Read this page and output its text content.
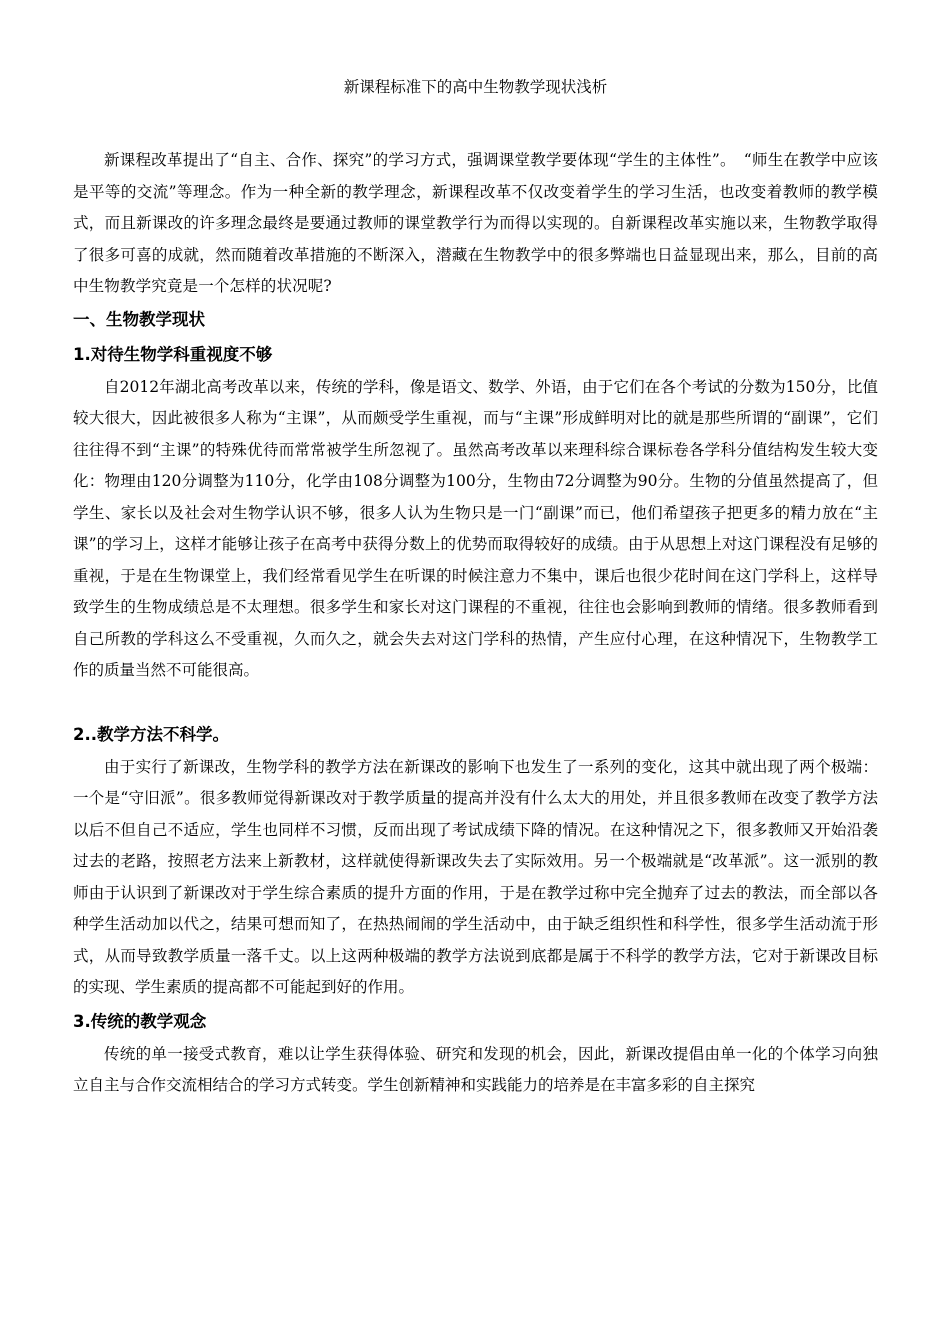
新课程标准下的高中生物教学现状浅析

新课程改革提出了“自主、合作、探究”的学习方式，强调课堂教学要体现“学生的主体性”。　“师生在教学中应该是平等的交流”等理念。作为一种全新的教学理念，新课程改革不仅改变着学生的学习生活，也改变着教师的教学模式，而且新课改的许多理念最终是要通过教师的课堂教学行为而得以实现的。自新课程改革实施以来，生物教学取得了很多可喜的成就，然而随着改革措施的不断深入，潜藏在生物教学中的很多弊端也日益显现出来，那么，目前的高中生物教学究竟是一个怎样的状况呢?

一、生物教学现状

1.对待生物学科重视度不够

自2012年湖北高考改革以来，传统的学科，像是语文、数学、外语，由于它们在各个考试的分数为150分，比值较大很大，因此被很多人称为“主课”，从而颇受学生重视，而与“主课”形成鲜明对比的就是那些所谓的“副课”，它们往往得不到“主课”的特殊优待而常常被学生所忽视了。虽然高考改革以来理科综合课标卷各学科分值结构发生较大变化：物理由120分调整为110分，化学由108分调整为100分，生物由72分调整为90分。生物的分值虽然提高了，但学生、家长以及社会对生物学认识不够，很多人认为生物只是一门“副课”而已，他们希望孩子把更多的精力放在“主课”的学习上，这样才能够让孩子在高考中获得分数上的优势而取得较好的成绩。由于从思想上对这门课程没有足够的重视，于是在生物课堂上，我们经常看见学生在听课的时候注意力不集中，课后也很少花时间在这门学科上，这样导致学生的生物成绩总是不太理想。很多学生和家长对这门课程的不重视，往往也会影响到教师的情绪。很多教师看到自己所教的学科这么不受重视，久而久之，就会失去对这门学科的热情，产生应付心理，在这种情况下，生物教学工作的质量当然不可能很高。

2..教学方法不科学。

由于实行了新课改，生物学科的教学方法在新课改的影响下也发生了一系列的变化，这其中就出现了两个极端：一个是“守旧派”。很多教师觉得新课改对于教学质量的提高并没有什么太大的用处，并且很多教师在改变了教学方法以后不但自己不适应，学生也同样不习惯，反而出现了考试成绩下降的情况。在这种情况之下，很多教师又开始沿袭过去的老路，按照老方法来上新教材，这样就使得新课改失去了实际效用。另一个极端就是“改革派”。这一派别的教师由于认识到了新课改对于学生综合素质的提升方面的作用，于是在教学过称中完全抛弃了过去的教法，而全部以各种学生活动加以代之，结果可想而知了，在热热闹闹的学生活动中，由于缺乏组织性和科学性，很多学生活动流于形式，从而导致教学质量一落千丈。以上这两种极端的教学方法说到底都是属于不科学的教学方法，它对于新课改目标的实现、学生素质的提高都不可能起到好的作用。

3.传统的教学观念

传统的单一接受式教育，难以让学生获得体验、研究和发现的机会，因此，新课改提倡由单一化的个体学习向独立自主与合作交流相结合的学习方式转变。学生创新精神和实践能力的培养是在丰富多彩的自主探究
